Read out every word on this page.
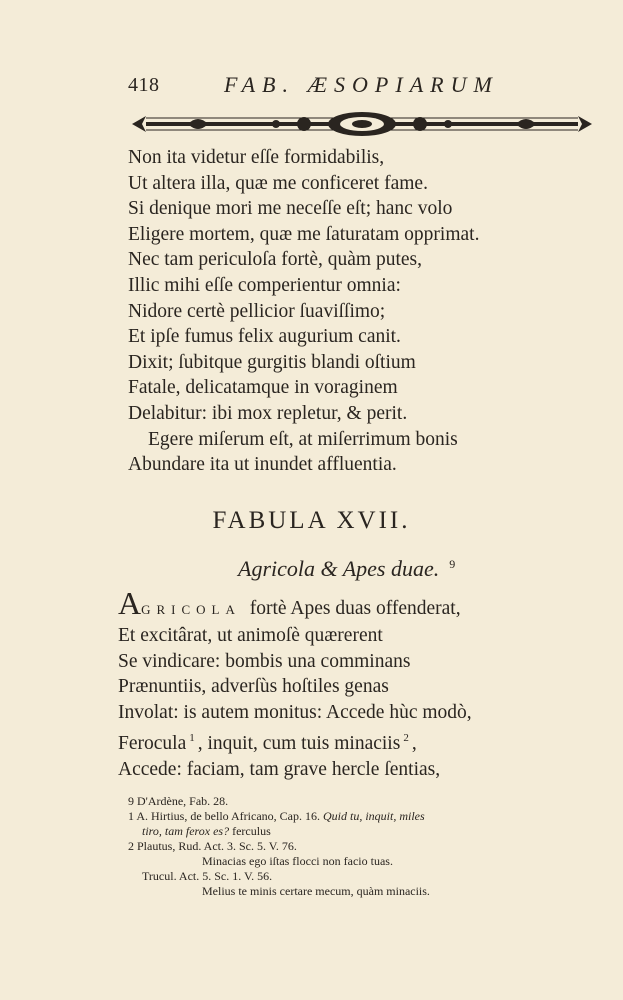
418	FAB. ÆSOPIARUM
Non ita videtur eſſe formidabilis,
Ut altera illa, quæ me conficeret fame.
Si denique mori me neceſſe eſt; hanc volo
Eligere mortem, quæ me ſaturatam opprimat.
Nec tam periculoſa fortè, quàm putes,
Illic mihi eſſe comperientur omnia:
Nidore certè pellicior ſuaviſſimo;
Et ipſe fumus felix augurium canit.
Dixit; ſubitque gurgitis blandi oſtium
Fatale, delicatamque in voraginem
Delabitur: ibi mox repletur, & perit.
Egere miſerum eſt, at miſerrimum bonis
Abundare ita ut inundet affluentia.
FABULA XVII.
Agricola & Apes duae. $^9$
AGRICOLA fortè Apes duas offenderat,
Et excitârat, ut animoſè quærerent
Se vindicare: bombis una comminans
Prænuntiis, adverſùs hoſtiles genas
Involat: is autem monitus: Accede hùc modò,
Ferocula $^1$ , inquit, cum tuis minaciis $^2$ ,
Accede: faciam, tam grave hercle ſentias,
9 D'Ardène, Fab. 28.
1 A. Hirtius, de bello Africano, Cap. 16. Quid tu, inquit, miles
tiro, tam ferox es? ferculus
2 Plautus, Rud. Act. 3. Sc. 5. V. 76.
Minacias ego iſtas flocci non facio tuas.
Trucul. Act. 5. Sc. 1. V. 56.
Melius te minis certare mecum, quàm minaciis.
